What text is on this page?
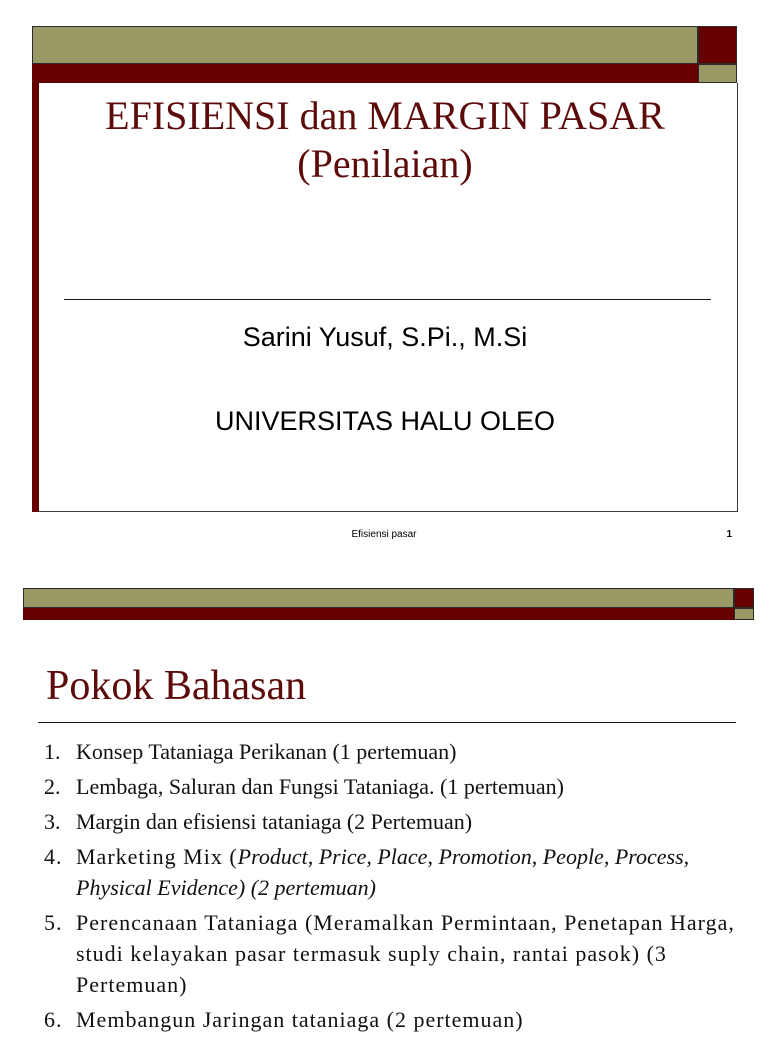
EFISIENSI dan MARGIN PASAR
(Penilaian)
Sarini Yusuf, S.Pi., M.Si
UNIVERSITAS HALU OLEO
Efisiensi pasar	1
Pokok Bahasan
1. Konsep Tataniaga Perikanan (1 pertemuan)
2. Lembaga, Saluran dan Fungsi Tataniaga. (1 pertemuan)
3. Margin dan efisiensi tataniaga (2 Pertemuan)
4. Marketing Mix (Product, Price, Place, Promotion, People, Process, Physical Evidence) (2 pertemuan)
5. Perencanaan Tataniaga (Meramalkan Permintaan, Penetapan Harga, studi kelayakan pasar termasuk suply chain, rantai pasok) (3 Pertemuan)
6. Membangun Jaringan tataniaga (2 pertemuan)
